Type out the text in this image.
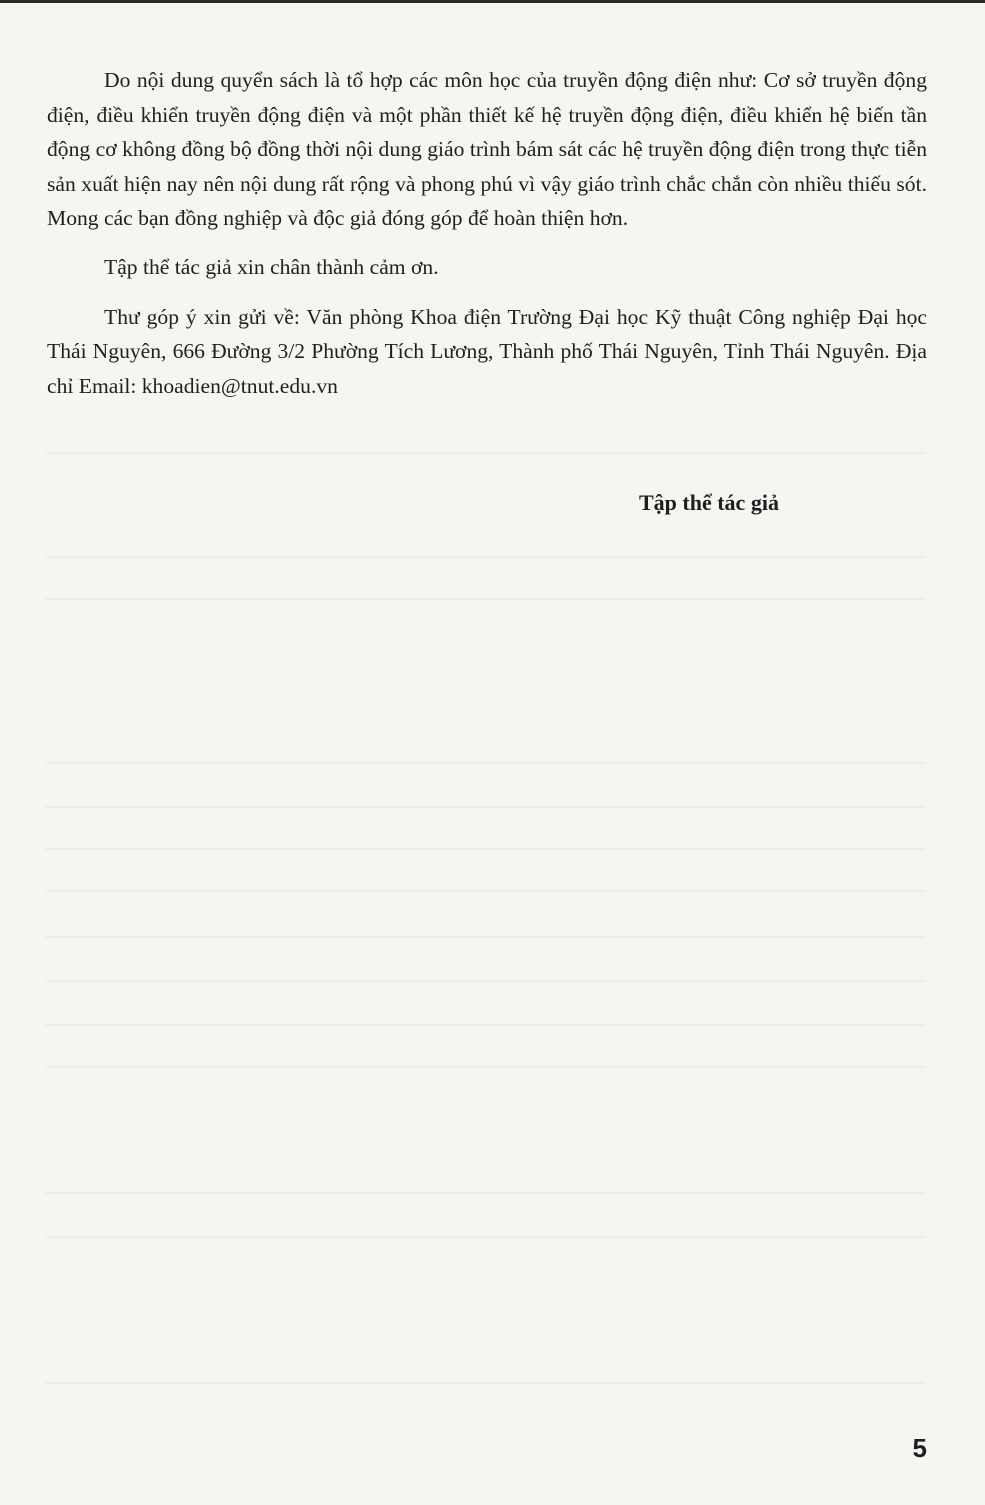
Do nội dung quyển sách là tổ hợp các môn học của truyền động điện như: Cơ sở truyền động điện, điều khiển truyền động điện và một phần thiết kế hệ truyền động điện, điều khiển hệ biến tần động cơ không đồng bộ đồng thời nội dung giáo trình bám sát các hệ truyền động điện trong thực tiễn sản xuất hiện nay nên nội dung rất rộng và phong phú vì vậy giáo trình chắc chắn còn nhiều thiếu sót. Mong các bạn đồng nghiệp và độc giả đóng góp để hoàn thiện hơn.

Tập thể tác giả xin chân thành cảm ơn.

Thư góp ý xin gửi về: Văn phòng Khoa điện Trường Đại học Kỹ thuật Công nghiệp Đại học Thái Nguyên, 666 Đường 3/2 Phường Tích Lương, Thành phố Thái Nguyên, Tỉnh Thái Nguyên. Địa chỉ Email: khoadien@tnut.edu.vn

Tập thể tác giả
5
